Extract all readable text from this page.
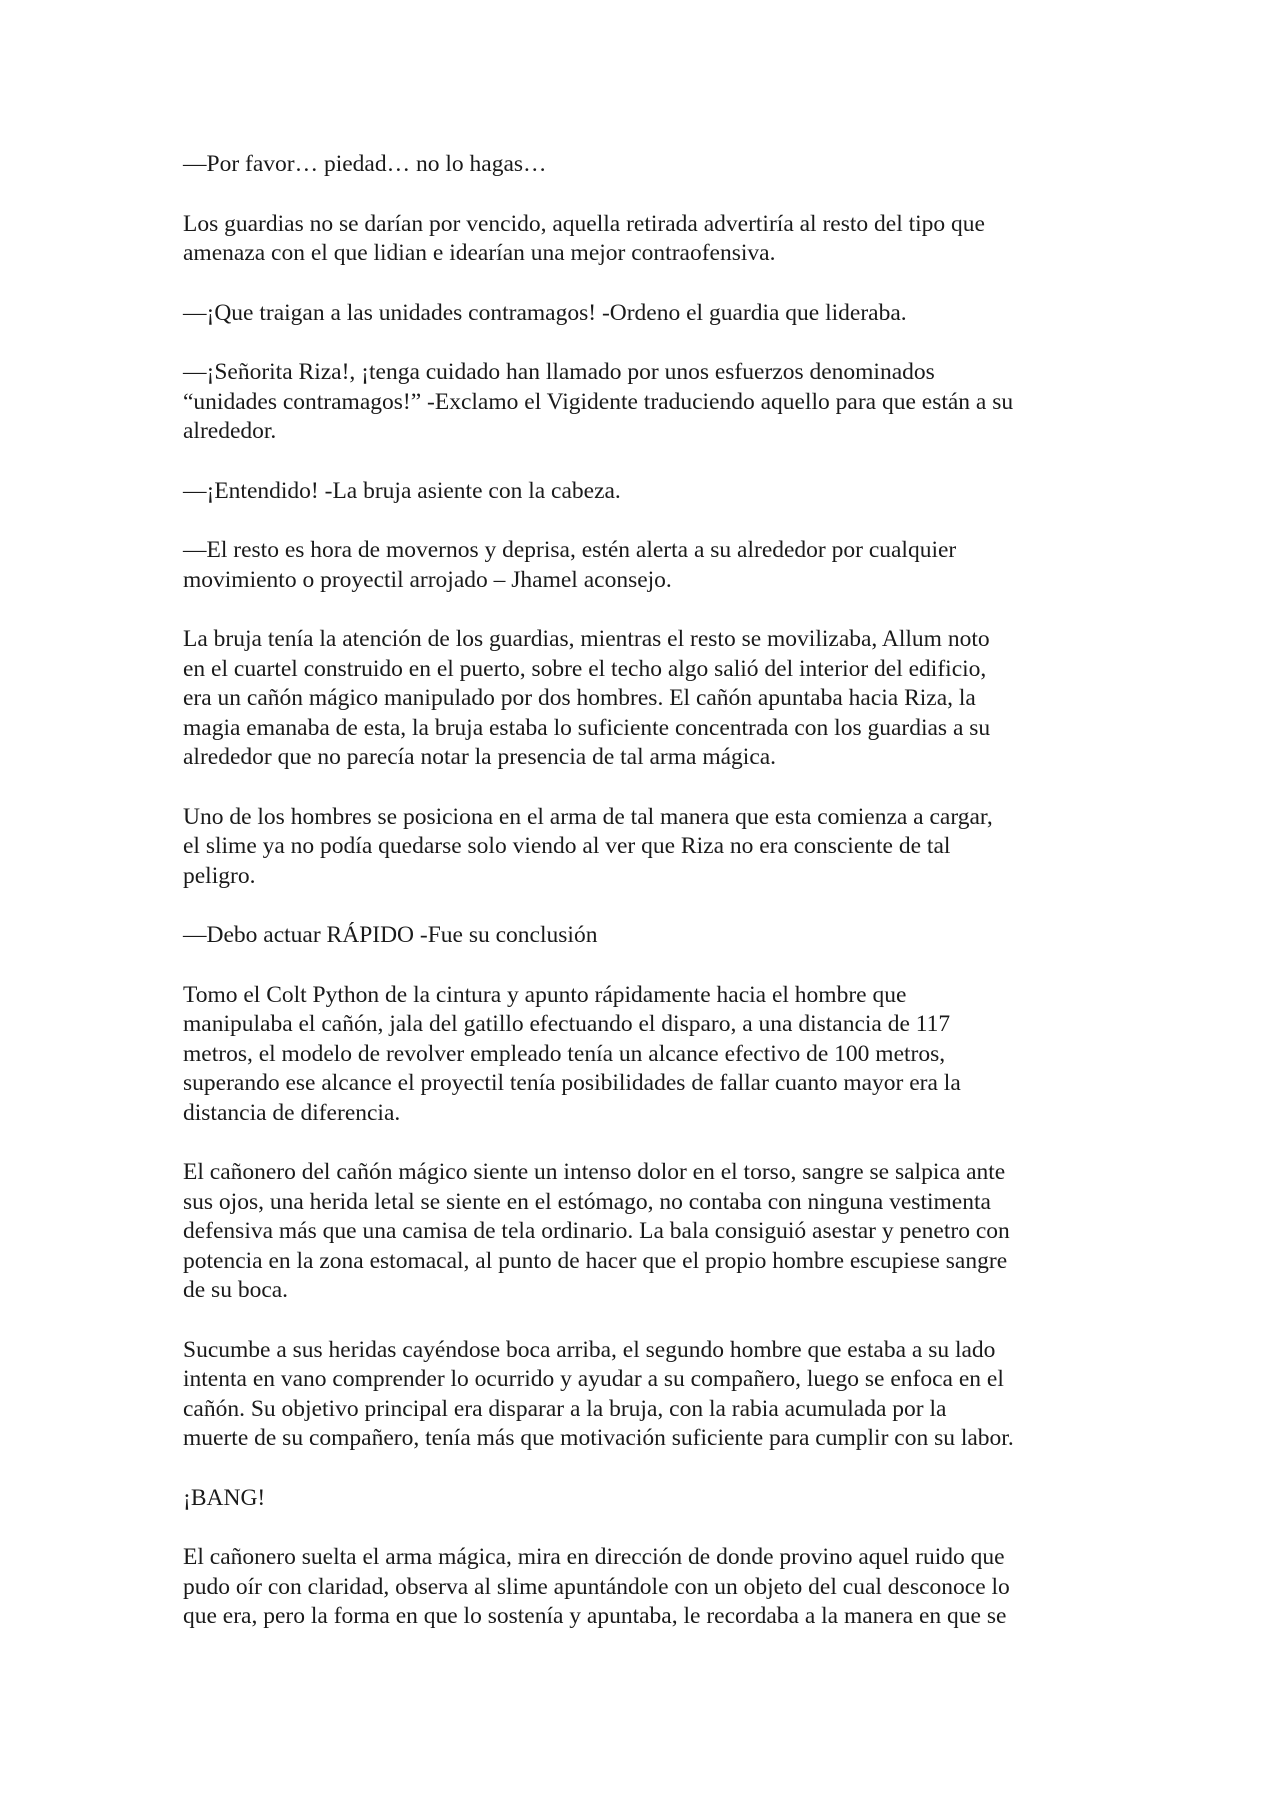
—Por favor… piedad… no lo hagas…

Los guardias no se darían por vencido, aquella retirada advertiría al resto del tipo que
amenaza con el que lidian e idearían una mejor contraofensiva.

—¡Que traigan a las unidades contramagos! -Ordeno el guardia que lideraba.

—¡Señorita Riza!, ¡tenga cuidado han llamado por unos esfuerzos denominados
“unidades contramagos!” -Exclamo el Vigidente traduciendo aquello para que están a su
alrededor.

—¡Entendido! -La bruja asiente con la cabeza.

—El resto es hora de movernos y deprisa, estén alerta a su alrededor por cualquier
movimiento o proyectil arrojado – Jhamel aconsejo.

La bruja tenía la atención de los guardias, mientras el resto se movilizaba, Allum noto
en el cuartel construido en el puerto, sobre el techo algo salió del interior del edificio,
era un cañón mágico manipulado por dos hombres. El cañón apuntaba hacia Riza, la
magia emanaba de esta, la bruja estaba lo suficiente concentrada con los guardias a su
alrededor que no parecía notar la presencia de tal arma mágica.

Uno de los hombres se posiciona en el arma de tal manera que esta comienza a cargar,
el slime ya no podía quedarse solo viendo al ver que Riza no era consciente de tal
peligro.

—Debo actuar RÁPIDO -Fue su conclusión

Tomo el Colt Python de la cintura y apunto rápidamente hacia el hombre que
manipulaba el cañón, jala del gatillo efectuando el disparo, a una distancia de 117
metros, el modelo de revolver empleado tenía un alcance efectivo de 100 metros,
superando ese alcance el proyectil tenía posibilidades de fallar cuanto mayor era la
distancia de diferencia.

El cañonero del cañón mágico siente un intenso dolor en el torso, sangre se salpica ante
sus ojos, una herida letal se siente en el estómago, no contaba con ninguna vestimenta
defensiva más que una camisa de tela ordinario. La bala consiguió asestar y penetro con
potencia en la zona estomacal, al punto de hacer que el propio hombre escupiese sangre
de su boca.

Sucumbe a sus heridas cayéndose boca arriba, el segundo hombre que estaba a su lado
intenta en vano comprender lo ocurrido y ayudar a su compañero, luego se enfoca en el
cañón. Su objetivo principal era disparar a la bruja, con la rabia acumulada por la
muerte de su compañero, tenía más que motivación suficiente para cumplir con su labor.

¡BANG!

El cañonero suelta el arma mágica, mira en dirección de donde provino aquel ruido que
pudo oír con claridad, observa al slime apuntándole con un objeto del cual desconoce lo
que era, pero la forma en que lo sostenía y apuntaba, le recordaba a la manera en que se
